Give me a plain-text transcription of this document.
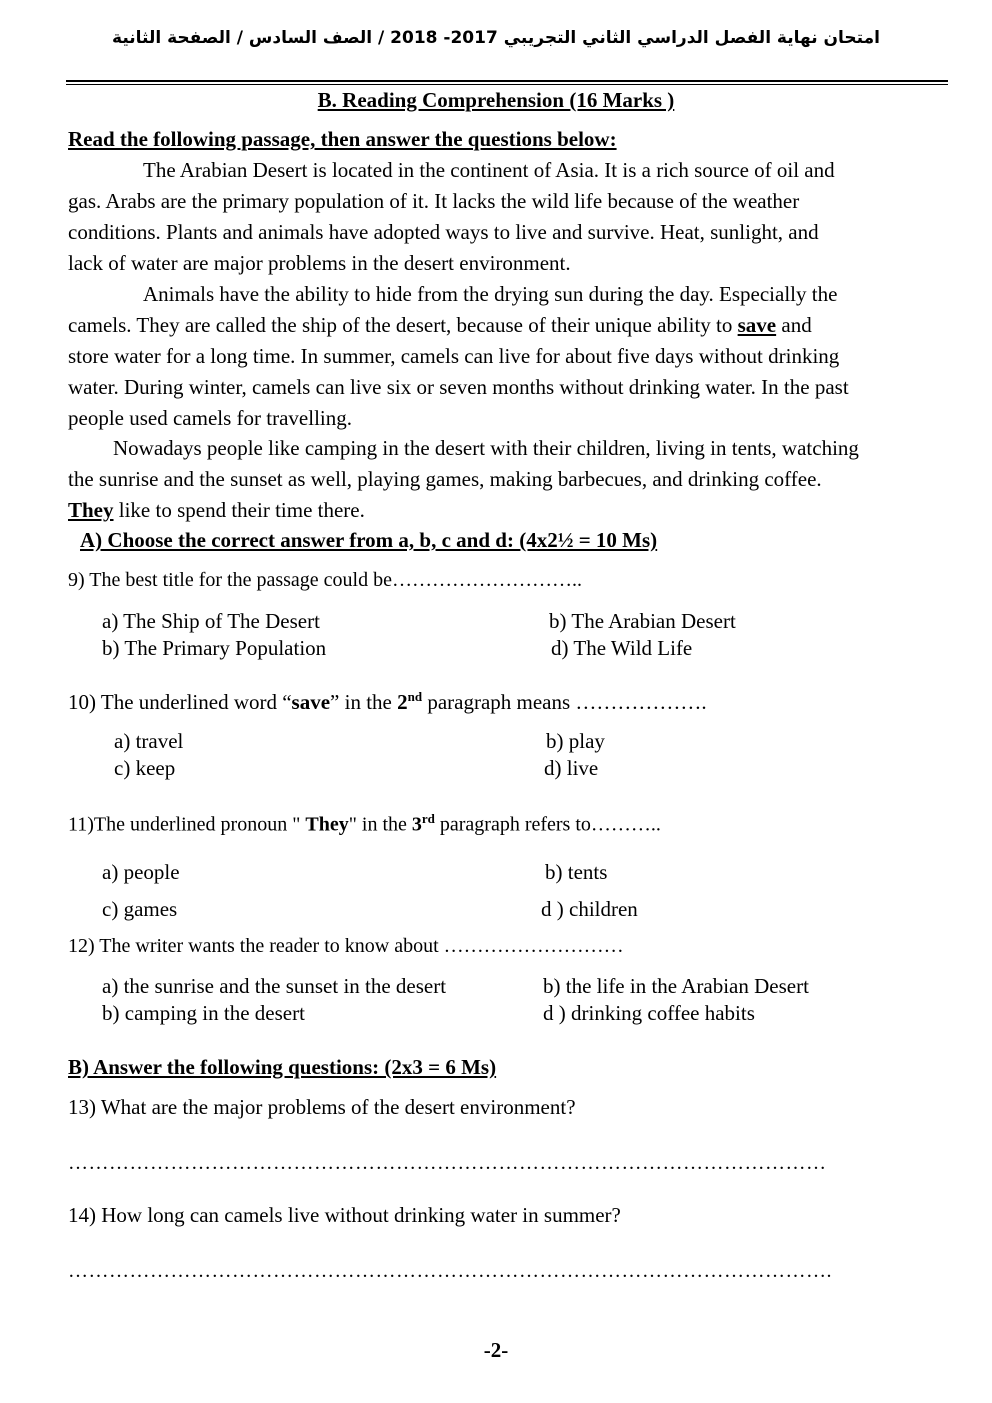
امتحان نهاية الفصل الدراسي الثاني التجريبي 2017- 2018 / الصف السادس / الصفحة الثانية
B. Reading Comprehension (16 Marks )
Read the following passage, then answer the questions below:
The Arabian Desert is located in the continent of Asia. It is a rich source of oil and
gas. Arabs are the primary population of it. It lacks the wild life because of the weather
conditions. Plants and animals have adopted ways to live and survive. Heat, sunlight, and
lack of water are major problems in the desert environment.
Animals have the ability to hide from the drying sun during the day. Especially the
camels. They are called the ship of the desert, because of their unique ability to save and
store water for a long time. In summer, camels can live for about five days without drinking
water. During winter, camels can live six or seven months without drinking water. In the past
people used camels for travelling.
Nowadays people like camping in the desert with their children, living in tents, watching
the sunrise and the sunset as well, playing games, making barbecues, and drinking coffee.
They like to spend their time there.
A) Choose the correct answer from a, b, c and d: (4x2½ = 10 Ms)
9) The best title for the passage could be………………………..
a) The Ship of The Desert	b) The Arabian Desert
b) The Primary Population	d) The Wild Life
10) The underlined word “save” in the 2nd paragraph means ……………….
a) travel	b) play
c) keep	d) live
11)The underlined pronoun " They" in the 3rd paragraph refers to………..
a) people	b) tents
c) games	d ) children
12) The writer wants the reader to know about ………………………
a) the sunrise and the sunset in the desert	b) the life in the Arabian Desert
b) camping in the desert	d ) drinking coffee habits
B) Answer the following questions: (2x3 = 6 Ms)
13) What are the major problems of the desert environment?
…………………………………………………………………………………………………
14) How long can camels live without drinking water in summer?
………………………………………………………………………………………………….
-2-
